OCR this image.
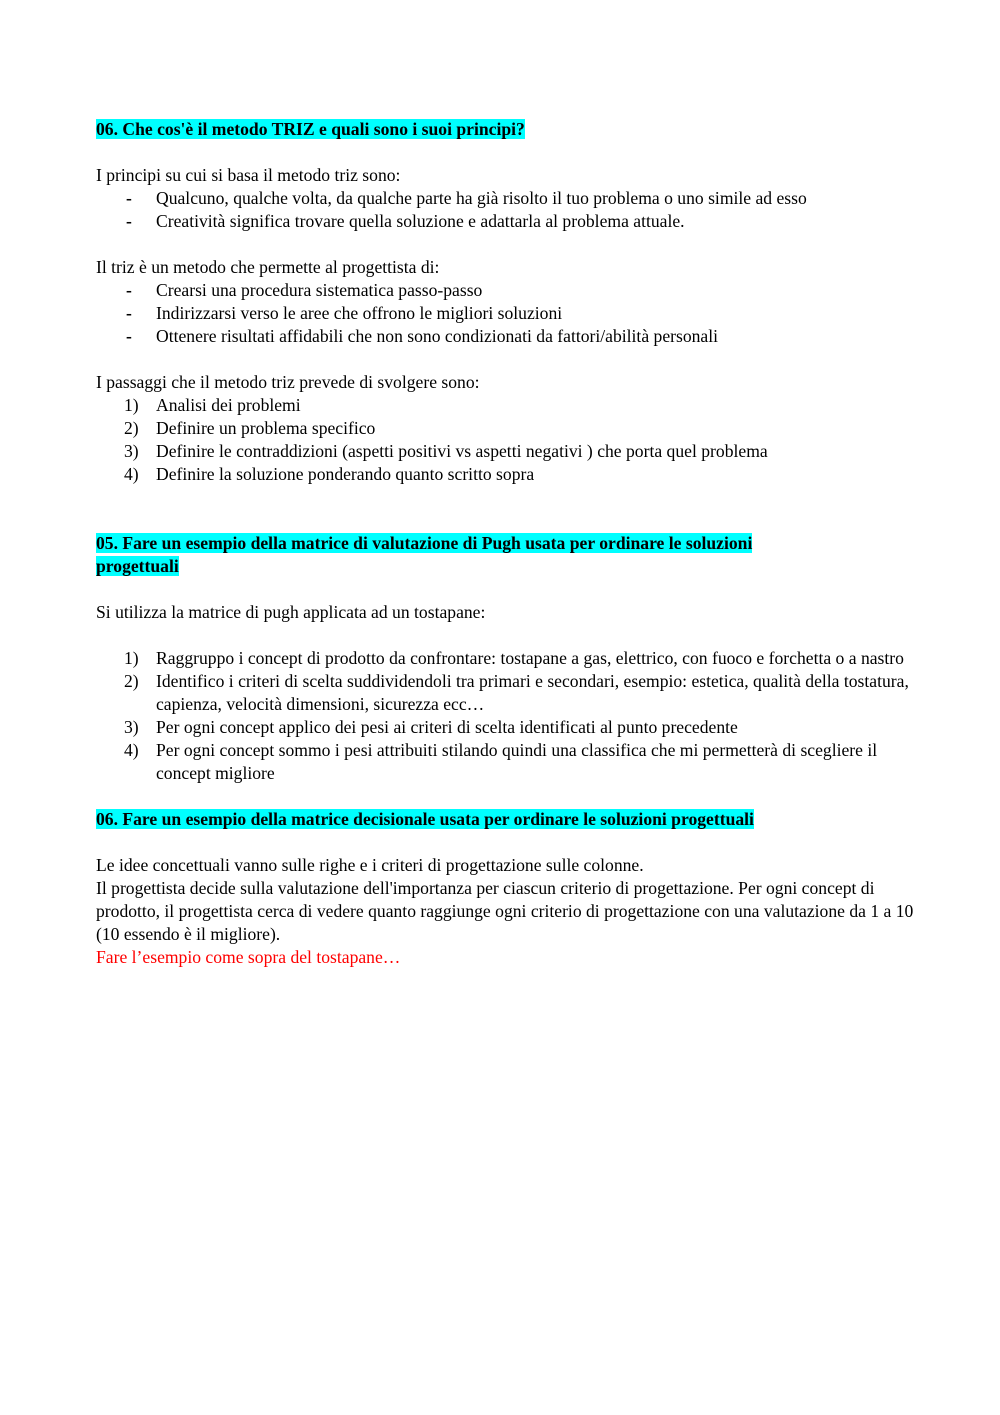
06. Che cos'è il metodo TRIZ e quali sono i suoi principi?

I principi su cui si basa il metodo triz sono:

- Qualcuno, qualche volta, da qualche parte ha già risolto il tuo problema o uno simile ad esso
- Creatività significa trovare quella soluzione e adattarla al problema attuale.

Il triz è un metodo che permette al progettista di:

- Crearsi una procedura sistematica passo-passo
- Indirizzarsi verso le aree che offrono le migliori soluzioni
- Ottenere risultati affidabili che non sono condizionati da fattori/abilità personali

I passaggi che il metodo triz prevede di svolgere sono:

1) Analisi dei problemi
2) Definire un problema specifico
3) Definire le contraddizioni (aspetti positivi vs aspetti negativi ) che porta quel problema
4) Definire la soluzione ponderando quanto scritto sopra

05. Fare un esempio della matrice di valutazione di Pugh usata per ordinare le soluzioni
progettuali

Si utilizza la matrice di pugh applicata ad un tostapane:

1) Raggruppo i concept di prodotto da confrontare: tostapane a gas, elettrico, con fuoco e forchetta o a nastro
2) Identifico i criteri di scelta suddividendoli tra primari e secondari, esempio: estetica, qualità della tostatura, capienza, velocità dimensioni, sicurezza ecc…
3) Per ogni concept applico dei pesi ai criteri di scelta identificati al punto precedente
4) Per ogni concept sommo i pesi attribuiti stilando quindi una classifica che mi permetterà di scegliere il concept migliore

06. Fare un esempio della matrice decisionale usata per ordinare le soluzioni progettuali

Le idee concettuali vanno sulle righe e i criteri di progettazione sulle colonne.

Il progettista decide sulla valutazione dell'importanza per ciascun criterio di progettazione. Per ogni concept di prodotto, il progettista cerca di vedere quanto raggiunge ogni criterio di progettazione con una valutazione da 1 a 10 (10 essendo è il migliore).

Fare l’esempio come sopra del tostapane…
